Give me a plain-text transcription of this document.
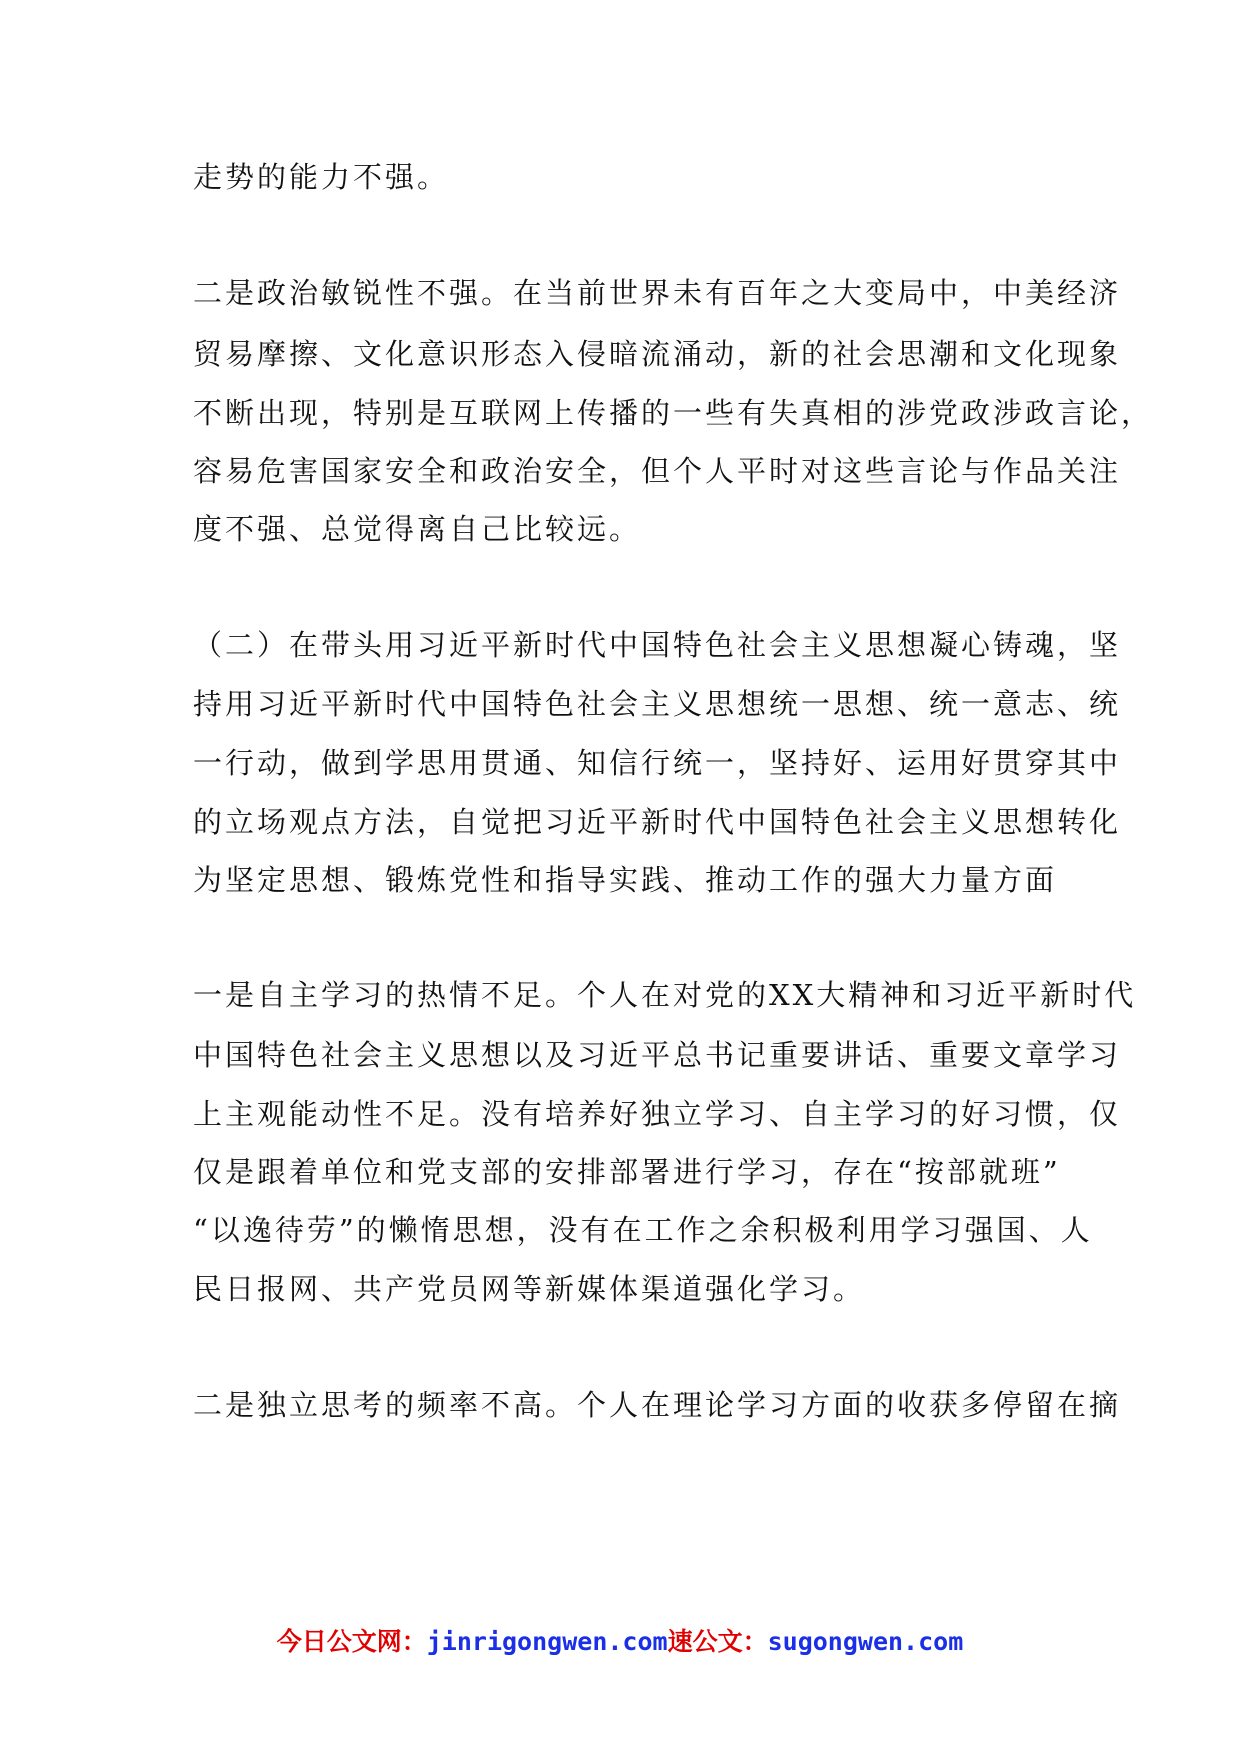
走势的能力不强。
二是政治敏锐性不强。在当前世界未有百年之大变局中，中美经济
贸易摩擦、文化意识形态入侵暗流涌动，新的社会思潮和文化现象
不断出现，特别是互联网上传播的一些有失真相的涉党政涉政言论，
容易危害国家安全和政治安全，但个人平时对这些言论与作品关注
度不强、总觉得离自己比较远。
（二）在带头用习近平新时代中国特色社会主义思想凝心铸魂，坚
持用习近平新时代中国特色社会主义思想统一思想、统一意志、统
一行动，做到学思用贯通、知信行统一，坚持好、运用好贯穿其中
的立场观点方法，自觉把习近平新时代中国特色社会主义思想转化
为坚定思想、锻炼党性和指导实践、推动工作的强大力量方面
一是自主学习的热情不足。个人在对党的XX大精神和习近平新时代
中国特色社会主义思想以及习近平总书记重要讲话、重要文章学习
上主观能动性不足。没有培养好独立学习、自主学习的好习惯，仅
仅是跟着单位和党支部的安排部署进行学习，存在“按部就班”
“以逸待劳”的懒惰思想，没有在工作之余积极利用学习强国、人
民日报网、共产党员网等新媒体渠道强化学习。
二是独立思考的频率不高。个人在理论学习方面的收获多停留在摘
今日公文网：jinrigongwen.com速公文：sugongwen.com
